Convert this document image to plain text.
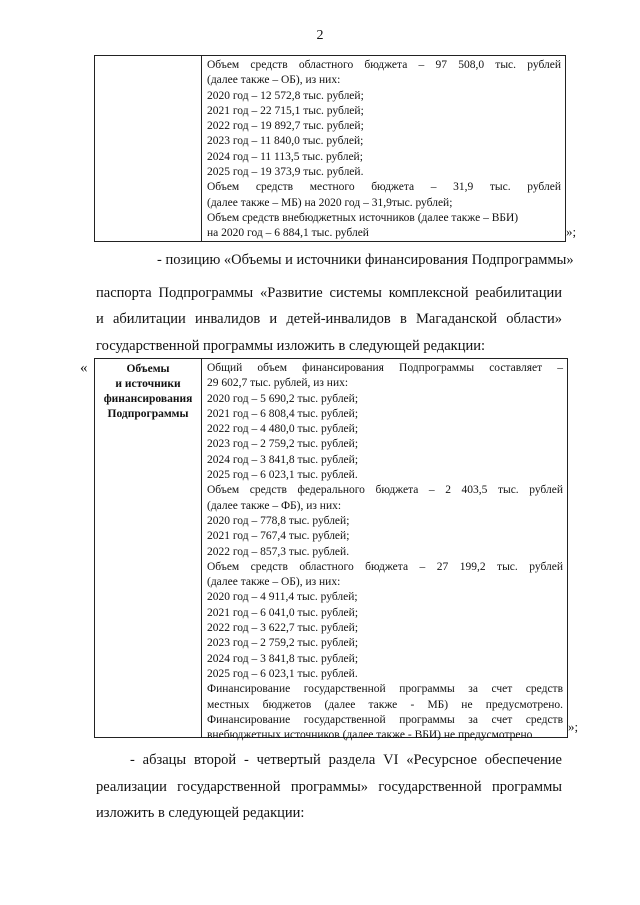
2
Объем средств областного бюджета – 97 508,0 тыс. рублей
(далее также – ОБ), из них:
2020 год – 12 572,8 тыс. рублей;
2021 год – 22 715,1 тыс. рублей;
2022 год – 19 892,7 тыс. рублей;
2023 год – 11 840,0 тыс. рублей;
2024 год – 11 113,5 тыс. рублей;
2025 год – 19 373,9 тыс. рублей.
Объем средств местного бюджета – 31,9 тыс. рублей
(далее также – МБ) на 2020 год – 31,9тыс. рублей;
Объем средств внебюджетных источников (далее также – ВБИ)
на 2020 год – 6 884,1 тыс. рублей	»;
- позицию «Объемы и источники финансирования Подпрограммы»
паспорта Подпрограммы «Развитие системы комплексной реабилитации
и абилитации инвалидов и детей-инвалидов в Магаданской области»
государственной программы изложить в следующей редакции:
«	Объемы
и источники
финансирования
Подпрограммы
Общий объем финансирования Подпрограммы составляет –
29 602,7 тыс. рублей, из них:
2020 год – 5 690,2 тыс. рублей;
2021 год – 6 808,4 тыс. рублей;
2022 год – 4 480,0 тыс. рублей;
2023 год – 2 759,2 тыс. рублей;
2024 год – 3 841,8 тыс. рублей;
2025 год – 6 023,1 тыс. рублей.
Объем средств федерального бюджета – 2 403,5 тыс. рублей
(далее также – ФБ), из них:
2020 год – 778,8 тыс. рублей;
2021 год – 767,4 тыс. рублей;
2022 год – 857,3 тыс. рублей.
Объем средств областного бюджета – 27 199,2 тыс. рублей
(далее также – ОБ), из них:
2020 год – 4 911,4 тыс. рублей;
2021 год – 6 041,0 тыс. рублей;
2022 год – 3 622,7 тыс. рублей;
2023 год – 2 759,2 тыс. рублей;
2024 год – 3 841,8 тыс. рублей;
2025 год – 6 023,1 тыс. рублей.
Финансирование государственной программы за счет средств
местных бюджетов (далее также - МБ) не предусмотрено.
Финансирование государственной программы за счет средств
внебюджетных источников (далее также - ВБИ) не предусмотрено
»;
- абзацы второй - четвертый раздела VI «Ресурсное обеспечение
реализации государственной программы» государственной программы
изложить в следующей редакции:
